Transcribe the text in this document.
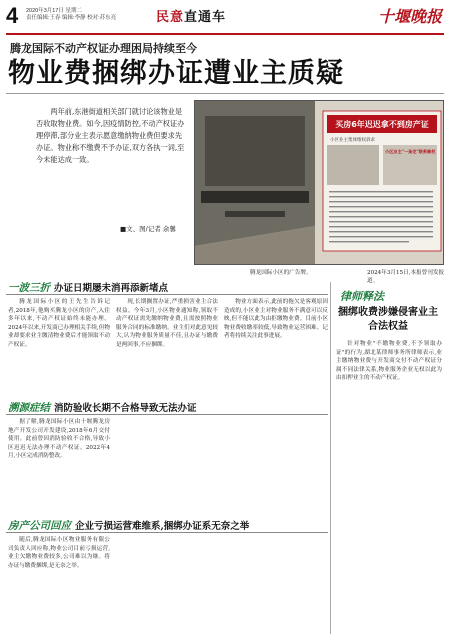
4 2020年3月17日 星期二
责任编辑:王春 编辑:李静 校对:苏东亮	民意直通车	十堰晚报
腾龙国际不动产权证办理困局持续至今
物业费捆绑办证遭业主质疑
两年前,东港街道相关部门就讨论该物业是否收取物业费。如今,因疫情防控,不动产权证办理停滞,部分业主表示愿意缴纳物业费但要求先办证。物业称不缴费不予办证,双方各执一词,至今未能达成一致。
■文、图/记者 余馨
买房6年迟迟拿不到房产证
小区业主集体维权诉求
小区业主"一条龙"联系维权
腾龙国际小区的广告牌。	2024年3月15日,本报曾刊发报道。
一波三折 办证日期屡未消再添新堵点
腾龙国际小区的王先生告诉记者,2018年,他购买腾龙小区的房产,入住多年以来,不动产权证始终未能办理。2024年以来,开发商已办理相关手续,但物业却要求业主缴清物业费后才能领取不动产权证。
现,长期搁置办证,严重损害业主合法权益。今年3月,小区物业通知称,领取不动产权证需先缴纳物业费,且需按照物业服务合同的标准缴纳。业主们对此意见较大,认为物业服务质量不佳,且办证与缴费是两回事,不应捆绑。
物业方面表示,此前的拖欠是客观原因造成的,小区业主对物业服务不满意可以反映,但不能以此为由拒缴物业费。目前小区物业费收缴率较低,导致物业运营困难。记者将持续关注此事进展。
溯源症结 消防验收长期不合格导致无法办证
据了解,腾龙国际小区由十堰腾龙房地产开发公司开发建设,2018年6月交付使用。此前曾因消防验收不合格,导致小区迟迟无法办理不动产权证。2022年4月,小区完成消防整改。
房产公司回应 企业亏损运营难维系,捆绑办证系无奈之举
随后,腾龙国际小区物业服务有限公司负责人回应称,物业公司目前亏损运营,业主欠缴物业费较多,公司难以为继。将办证与缴费捆绑,是无奈之举。
律师释法
捆绑收费涉嫌侵害业主合法权益
针对物业"不缴物业费,不予领取办证"的行为,湖北某律师事务所律师表示,业主缴纳物业费与开发商交付不动产权证分属不同法律关系,物业服务企业无权以此为由扣押业主的不动产权证。
